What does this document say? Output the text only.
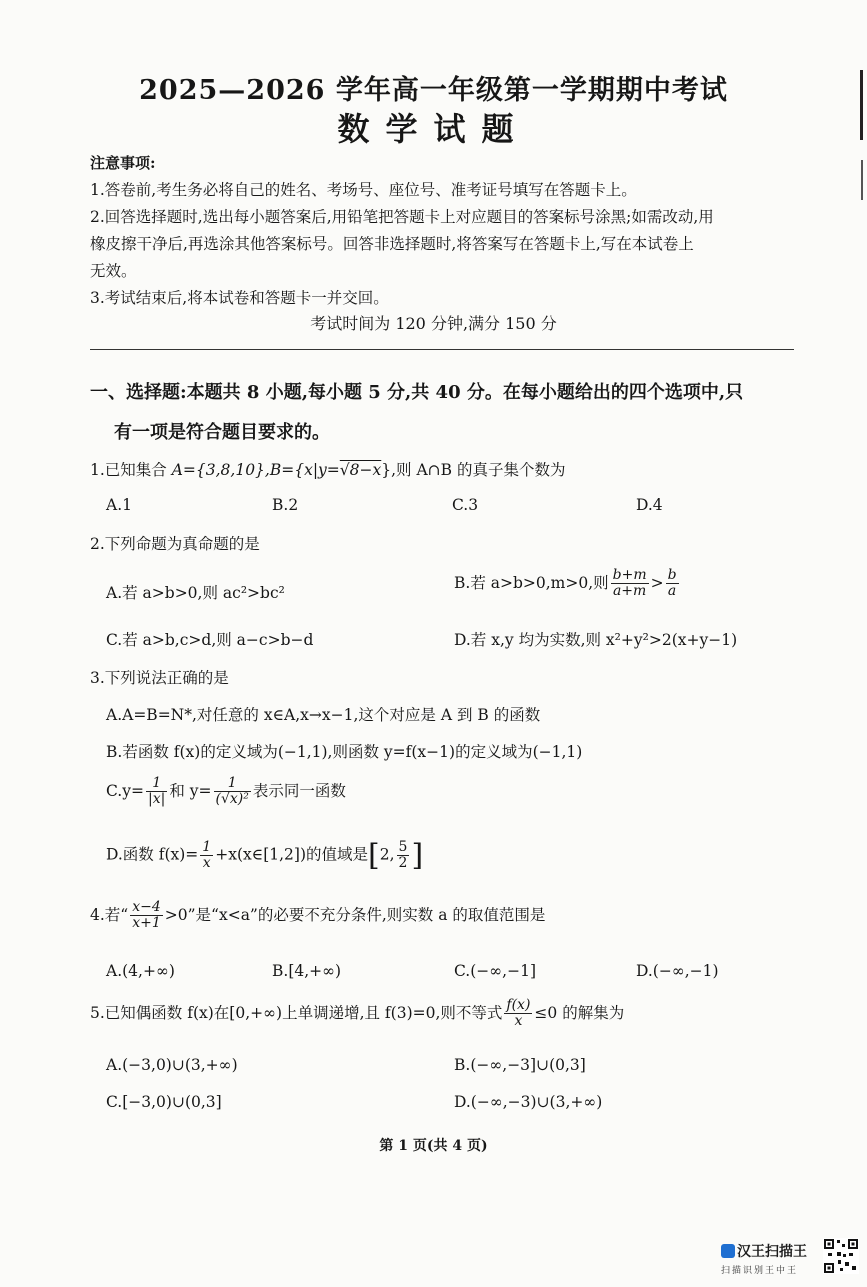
2025—2026 学年高一年级第一学期期中考试
数学试题

注意事项:

1.答卷前,考生务必将自己的姓名、考场号、座位号、准考证号填写在答题卡上。

2.回答选择题时,选出每小题答案后,用铅笔把答题卡上对应题目的答案标号涂黑;如需改动,用

橡皮擦干净后,再选涂其他答案标号。回答非选择题时,将答案写在答题卡上,写在本试卷上

无效。

3.考试结束后,将本试卷和答题卡一并交回。

考试时间为 120 分钟,满分 150 分
一、选择题:本题共 8 小题,每小题 5 分,共 40 分。在每小题给出的四个选项中,只
有一项是符合题目要求的。
1.已知集合 A={3,8,10},B={x|y=√8−x},则 A∩B 的真子集个数为
A.1	B.2	C.3	D.4
2.下列命题为真命题的是
A.若 a>b>0,则 ac²>bc²
B.若 a>b>0,m>0,则 $\frac{b+m}{a+m} > \frac{b}{a}$
C.若 a>b,c>d,则 a−c>b−d	D.若 x,y 均为实数,则 x²+y²>2(x+y−1)
3.下列说法正确的是
A.A=B=N*,对任意的 x∈A,x→x−1,这个对应是 A 到 B 的函数
B.若函数 f(x)的定义域为(−1,1),则函数 y=f(x−1)的定义域为(−1,1)
$C.y= \frac{1}{|x|}$ 和 $y= \frac{1}{\text{(√x)²}}$ 表示同一函数
D.函数 $f(x)= \frac{1}{x}$ +x(x∈[1,2])的值域是[2, $\frac{5}{2}$ ]
4.若“ $\frac{x-4}{x+1} >0$”是“x<a”的必要不充分条件,则实数 a 的取值范围是
A.(4,+∞)	B.[4,+∞)	C.(−∞,−1]	D.(−∞,−1)
5.已知偶函数 f(x)在[0,+∞)上单调递增,且 f(3)=0,则不等式 $\frac{f(x)}{x} \le 0$ 的解集为
A.(−3,0)∪(3,+∞)	B.(−∞,−3]∪(0,3]
C.[−3,0)∪(0,3]	D.(−∞,−3)∪(3,+∞)
第 1 页(共 4 页)
汉王扫描王
扫描识别王中王
